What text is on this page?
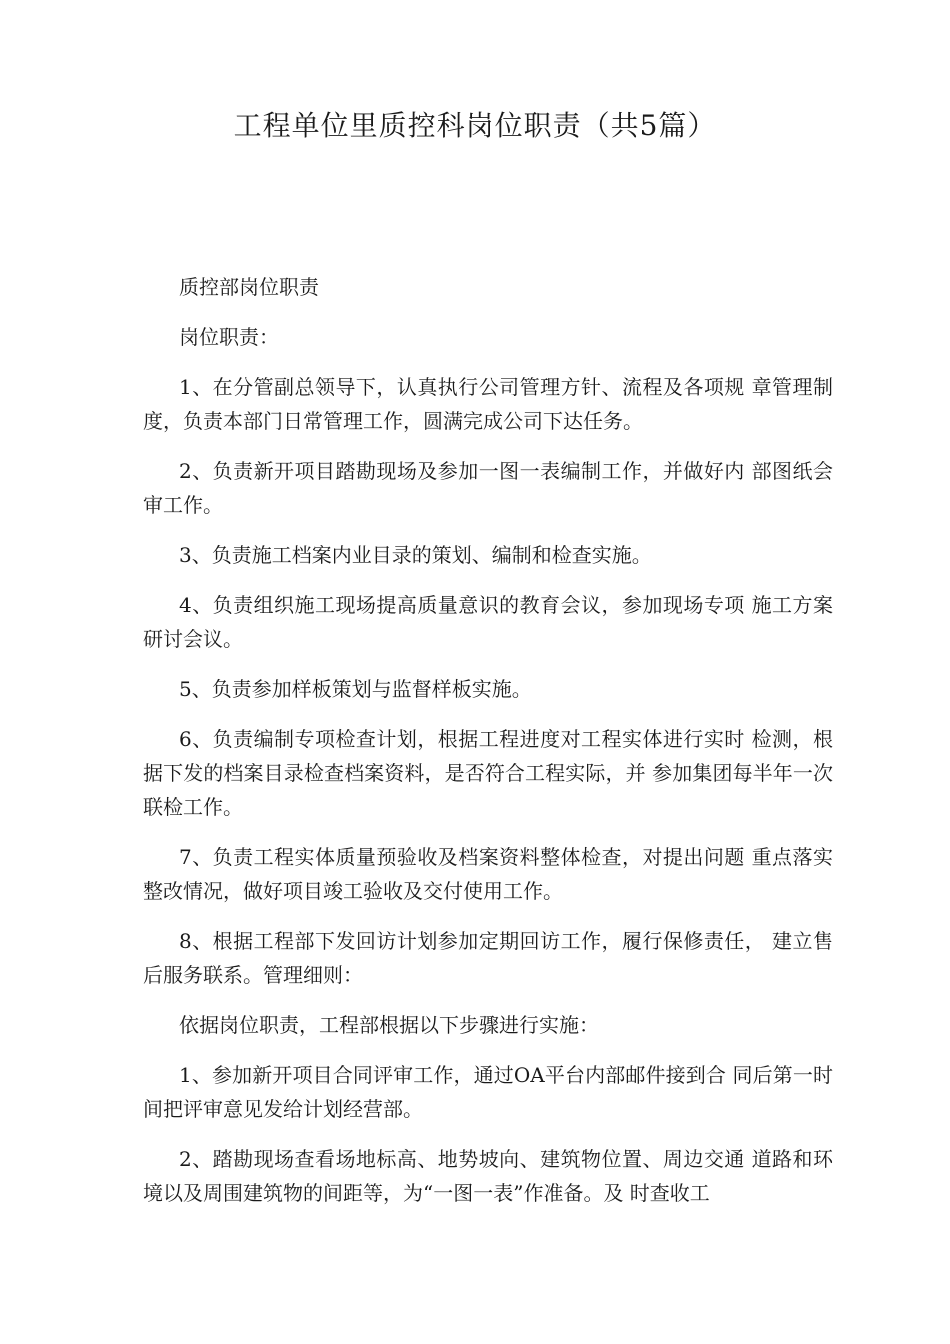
工程单位里质控科岗位职责（共5篇）

质控部岗位职责

岗位职责：

1、在分管副总领导下，认真执行公司管理方针、流程及各项规 章管理制度，负责本部门日常管理工作，圆满完成公司下达任务。

2、负责新开项目踏勘现场及参加一图一表编制工作，并做好内 部图纸会审工作。

3、负责施工档案内业目录的策划、编制和检查实施。

4、负责组织施工现场提高质量意识的教育会议，参加现场专项 施工方案研讨会议。

5、负责参加样板策划与监督样板实施。

6、负责编制专项检查计划，根据工程进度对工程实体进行实时 检测，根据下发的档案目录检查档案资料，是否符合工程实际，并 参加集团每半年一次联检工作。

7、负责工程实体质量预验收及档案资料整体检查，对提出问题 重点落实整改情况，做好项目竣工验收及交付使用工作。

8、根据工程部下发回访计划参加定期回访工作，履行保修责任， 建立售后服务联系。管理细则：

依据岗位职责，工程部根据以下步骤进行实施：

1、参加新开项目合同评审工作，通过OA平台内部邮件接到合 同后第一时间把评审意见发给计划经营部。

2、踏勘现场查看场地标高、地势坡向、建筑物位置、周边交通 道路和环境以及周围建筑物的间距等，为“一图一表”作准备。及 时查收工
